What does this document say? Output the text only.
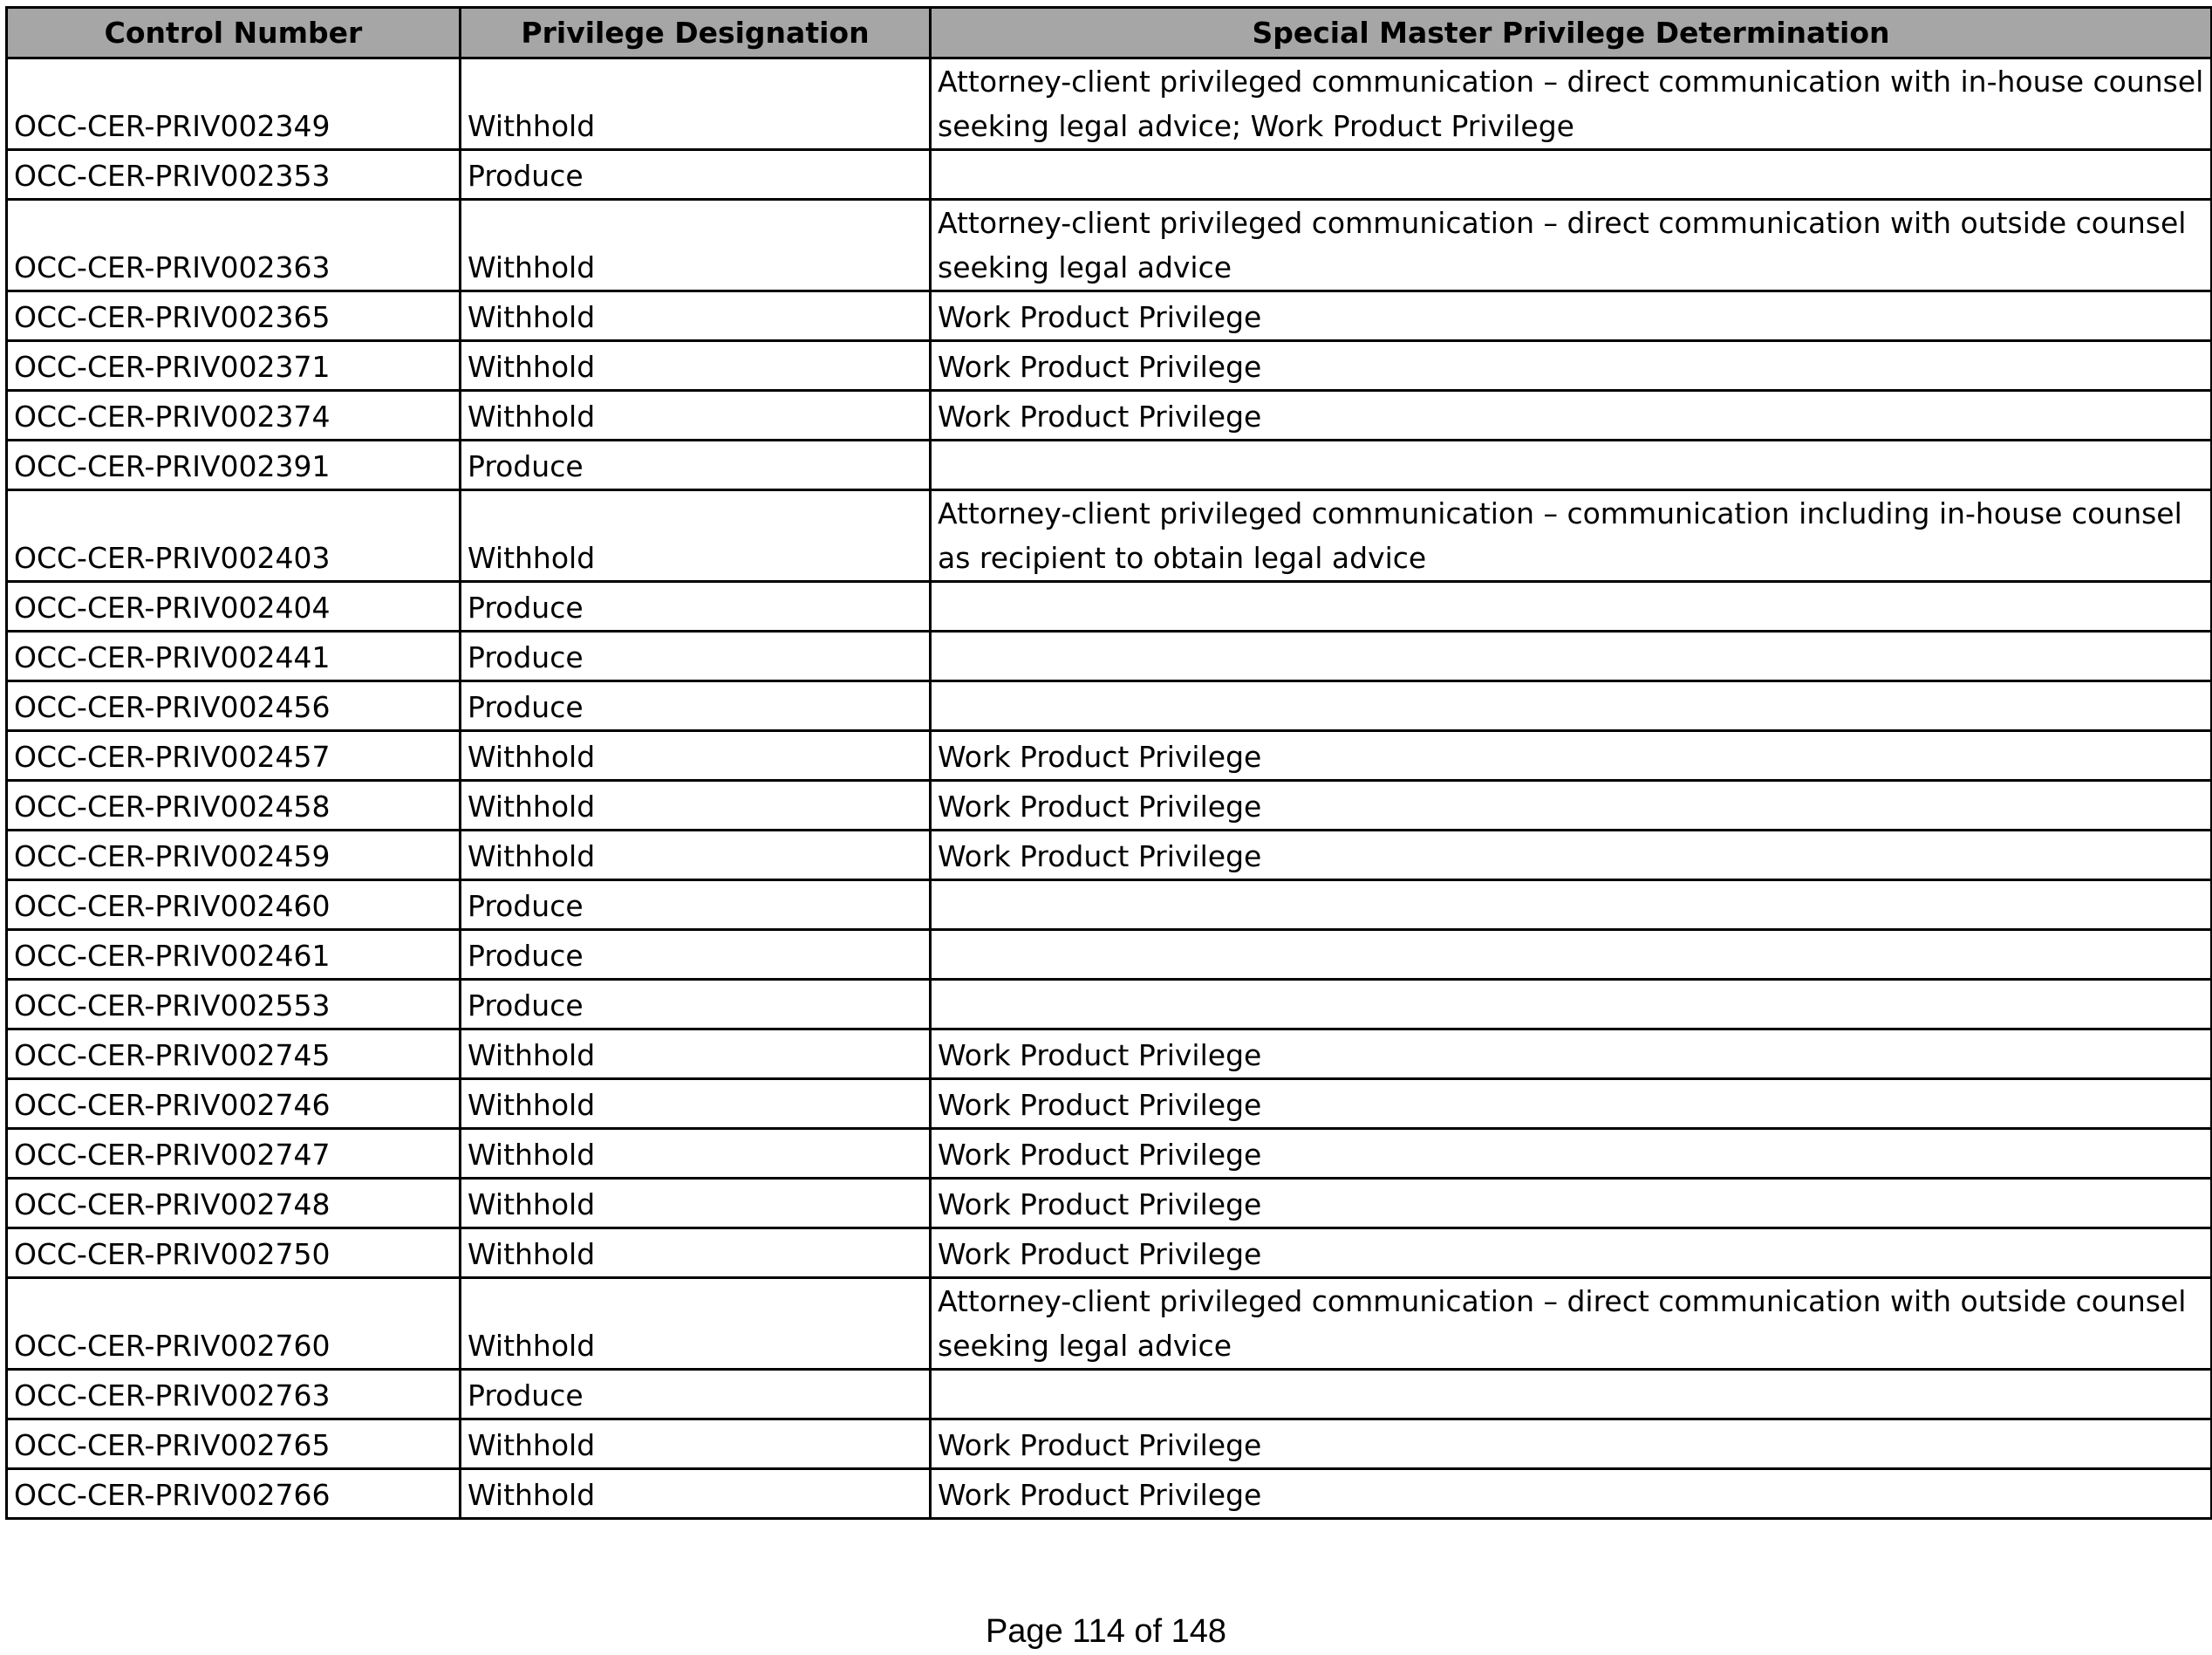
Control Number	Privilege Designation	Special Master Privilege Determination
OCC-CER-PRIV002349	Withhold	Attorney-client privileged communication – direct communication with in-house counsel seeking legal advice; Work Product Privilege
OCC-CER-PRIV002353	Produce	
OCC-CER-PRIV002363	Withhold	Attorney-client privileged communication – direct communication with outside counsel seeking legal advice
OCC-CER-PRIV002365	Withhold	Work Product Privilege
OCC-CER-PRIV002371	Withhold	Work Product Privilege
OCC-CER-PRIV002374	Withhold	Work Product Privilege
OCC-CER-PRIV002391	Produce	
OCC-CER-PRIV002403	Withhold	Attorney-client privileged communication – communication including in-house counsel as recipient to obtain legal advice
OCC-CER-PRIV002404	Produce	
OCC-CER-PRIV002441	Produce	
OCC-CER-PRIV002456	Produce	
OCC-CER-PRIV002457	Withhold	Work Product Privilege
OCC-CER-PRIV002458	Withhold	Work Product Privilege
OCC-CER-PRIV002459	Withhold	Work Product Privilege
OCC-CER-PRIV002460	Produce	
OCC-CER-PRIV002461	Produce	
OCC-CER-PRIV002553	Produce	
OCC-CER-PRIV002745	Withhold	Work Product Privilege
OCC-CER-PRIV002746	Withhold	Work Product Privilege
OCC-CER-PRIV002747	Withhold	Work Product Privilege
OCC-CER-PRIV002748	Withhold	Work Product Privilege
OCC-CER-PRIV002750	Withhold	Work Product Privilege
OCC-CER-PRIV002760	Withhold	Attorney-client privileged communication – direct communication with outside counsel seeking legal advice
OCC-CER-PRIV002763	Produce	
OCC-CER-PRIV002765	Withhold	Work Product Privilege
OCC-CER-PRIV002766	Withhold	Work Product Privilege
Page 114 of 148
